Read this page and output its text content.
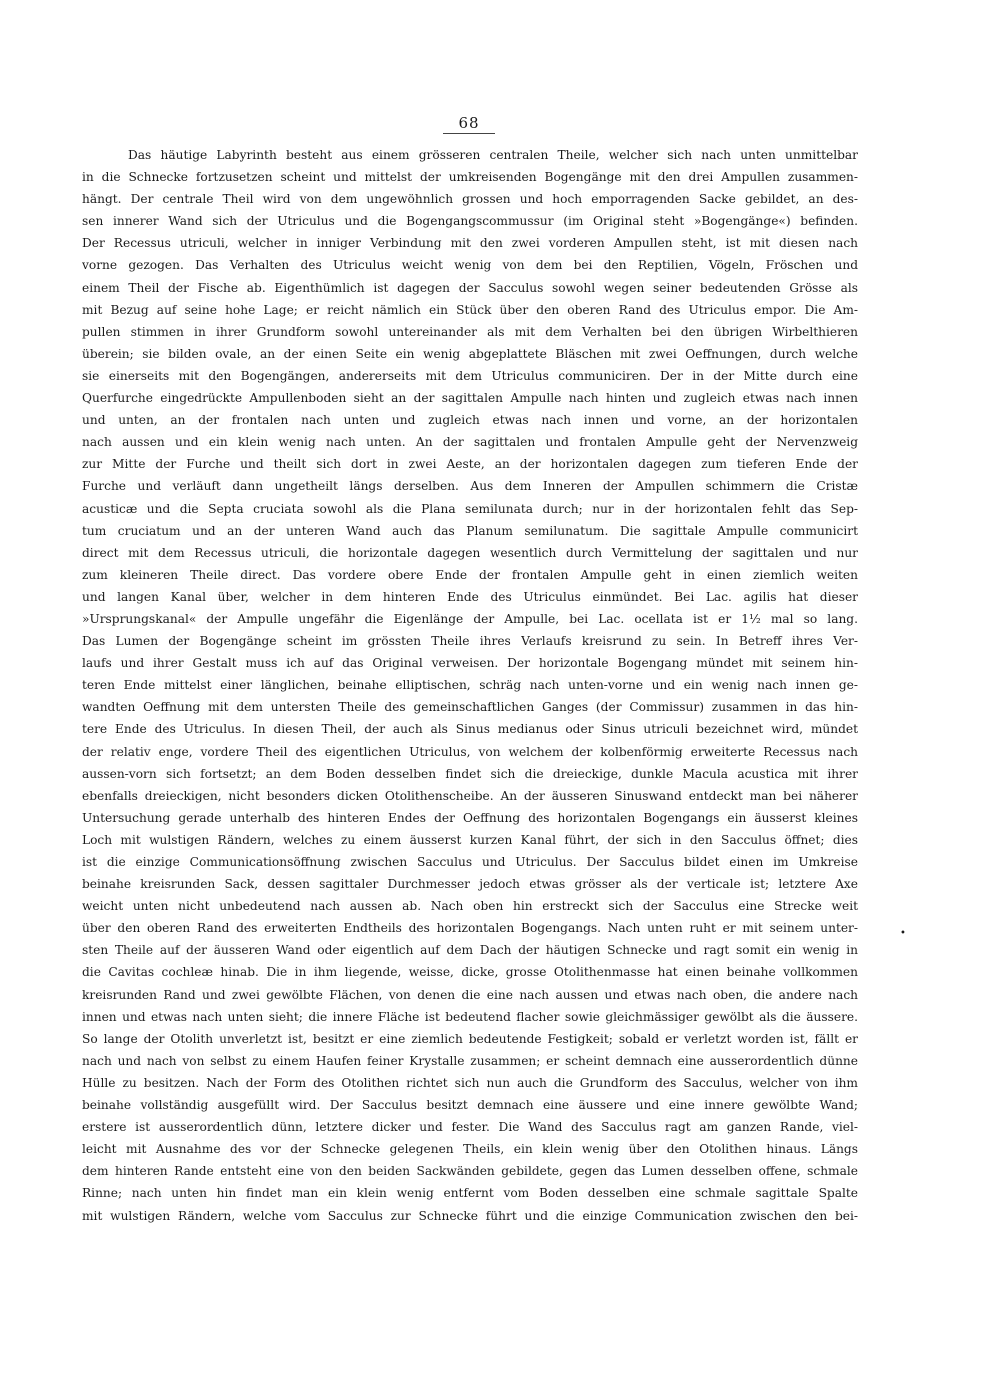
68
Das häutige Labyrinth besteht aus einem grösseren centralen Theile, welcher sich nach unten unmittelbar
in die Schnecke fortzusetzen scheint und mittelst der umkreisenden Bogengänge mit den drei Ampullen zusammen-
hängt. Der centrale Theil wird von dem ungewöhnlich grossen und hoch emporragenden Sacke gebildet, an des-
sen innerer Wand sich der Utriculus und die Bogengangscommussur (im Original steht »Bogengänge«) befinden.
Der Recessus utriculi, welcher in inniger Verbindung mit den zwei vorderen Ampullen steht, ist mit diesen nach
vorne gezogen. Das Verhalten des Utriculus weicht wenig von dem bei den Reptilien, Vögeln, Fröschen und
einem Theil der Fische ab. Eigenthümlich ist dagegen der Sacculus sowohl wegen seiner bedeutenden Grösse als
mit Bezug auf seine hohe Lage; er reicht nämlich ein Stück über den oberen Rand des Utriculus empor. Die Am-
pullen stimmen in ihrer Grundform sowohl untereinander als mit dem Verhalten bei den übrigen Wirbelthieren
überein; sie bilden ovale, an der einen Seite ein wenig abgeplattete Bläschen mit zwei Oeffnungen, durch welche
sie einerseits mit den Bogengängen, andererseits mit dem Utriculus communiciren. Der in der Mitte durch eine
Querfurche eingedrückte Ampullenboden sieht an der sagittalen Ampulle nach hinten und zugleich etwas nach innen
und unten, an der frontalen nach unten und zugleich etwas nach innen und vorne, an der horizontalen
nach aussen und ein klein wenig nach unten. An der sagittalen und frontalen Ampulle geht der Nervenzweig
zur Mitte der Furche und theilt sich dort in zwei Aeste, an der horizontalen dagegen zum tieferen Ende der
Furche und verläuft dann ungetheilt längs derselben. Aus dem Inneren der Ampullen schimmern die Cristæ
acusticæ und die Septa cruciata sowohl als die Plana semilunata durch; nur in der horizontalen fehlt das Sep-
tum cruciatum und an der unteren Wand auch das Planum semilunatum. Die sagittale Ampulle communicirt
direct mit dem Recessus utriculi, die horizontale dagegen wesentlich durch Vermittelung der sagittalen und nur
zum kleineren Theile direct. Das vordere obere Ende der frontalen Ampulle geht in einen ziemlich weiten
und langen Kanal über, welcher in dem hinteren Ende des Utriculus einmündet. Bei Lac. agilis hat dieser
»Ursprungskanal« der Ampulle ungefähr die Eigenlänge der Ampulle, bei Lac. ocellata ist er 1½ mal so lang.
Das Lumen der Bogengänge scheint im grössten Theile ihres Verlaufs kreisrund zu sein. In Betreff ihres Ver-
laufs und ihrer Gestalt muss ich auf das Original verweisen. Der horizontale Bogengang mündet mit seinem hin-
teren Ende mittelst einer länglichen, beinahe elliptischen, schräg nach unten-vorne und ein wenig nach innen ge-
wandten Oeffnung mit dem untersten Theile des gemeinschaftlichen Ganges (der Commissur) zusammen in das hin-
tere Ende des Utriculus. In diesen Theil, der auch als Sinus medianus oder Sinus utriculi bezeichnet wird, mündet
der relativ enge, vordere Theil des eigentlichen Utriculus, von welchem der kolbenförmig erweiterte Recessus nach
aussen-vorn sich fortsetzt; an dem Boden desselben findet sich die dreieckige, dunkle Macula acustica mit ihrer
ebenfalls dreieckigen, nicht besonders dicken Otolithenscheibe. An der äusseren Sinuswand entdeckt man bei näherer
Untersuchung gerade unterhalb des hinteren Endes der Oeffnung des horizontalen Bogengangs ein äusserst kleines
Loch mit wulstigen Rändern, welches zu einem äusserst kurzen Kanal führt, der sich in den Sacculus öffnet; dies
ist die einzige Communicationsöffnung zwischen Sacculus und Utriculus. Der Sacculus bildet einen im Umkreise
beinahe kreisrunden Sack, dessen sagittaler Durchmesser jedoch etwas grösser als der verticale ist; letztere Axe
weicht unten nicht unbedeutend nach aussen ab. Nach oben hin erstreckt sich der Sacculus eine Strecke weit
über den oberen Rand des erweiterten Endtheils des horizontalen Bogengangs. Nach unten ruht er mit seinem unter-
sten Theile auf der äusseren Wand oder eigentlich auf dem Dach der häutigen Schnecke und ragt somit ein wenig in
die Cavitas cochleæ hinab. Die in ihm liegende, weisse, dicke, grosse Otolithenmasse hat einen beinahe vollkommen
kreisrunden Rand und zwei gewölbte Flächen, von denen die eine nach aussen und etwas nach oben, die andere nach
innen und etwas nach unten sieht; die innere Fläche ist bedeutend flacher sowie gleichmässiger gewölbt als die äussere.
So lange der Otolith unverletzt ist, besitzt er eine ziemlich bedeutende Festigkeit; sobald er verletzt worden ist, fällt er
nach und nach von selbst zu einem Haufen feiner Krystalle zusammen; er scheint demnach eine ausserordentlich dünne
Hülle zu besitzen. Nach der Form des Otolithen richtet sich nun auch die Grundform des Sacculus, welcher von ihm
beinahe vollständig ausgefüllt wird. Der Sacculus besitzt demnach eine äussere und eine innere gewölbte Wand;
erstere ist ausserordentlich dünn, letztere dicker und fester. Die Wand des Sacculus ragt am ganzen Rande, viel-
leicht mit Ausnahme des vor der Schnecke gelegenen Theils, ein klein wenig über den Otolithen hinaus. Längs
dem hinteren Rande entsteht eine von den beiden Sackwänden gebildete, gegen das Lumen desselben offene, schmale
Rinne; nach unten hin findet man ein klein wenig entfernt vom Boden desselben eine schmale sagittale Spalte
mit wulstigen Rändern, welche vom Sacculus zur Schnecke führt und die einzige Communication zwischen den bei-
•
